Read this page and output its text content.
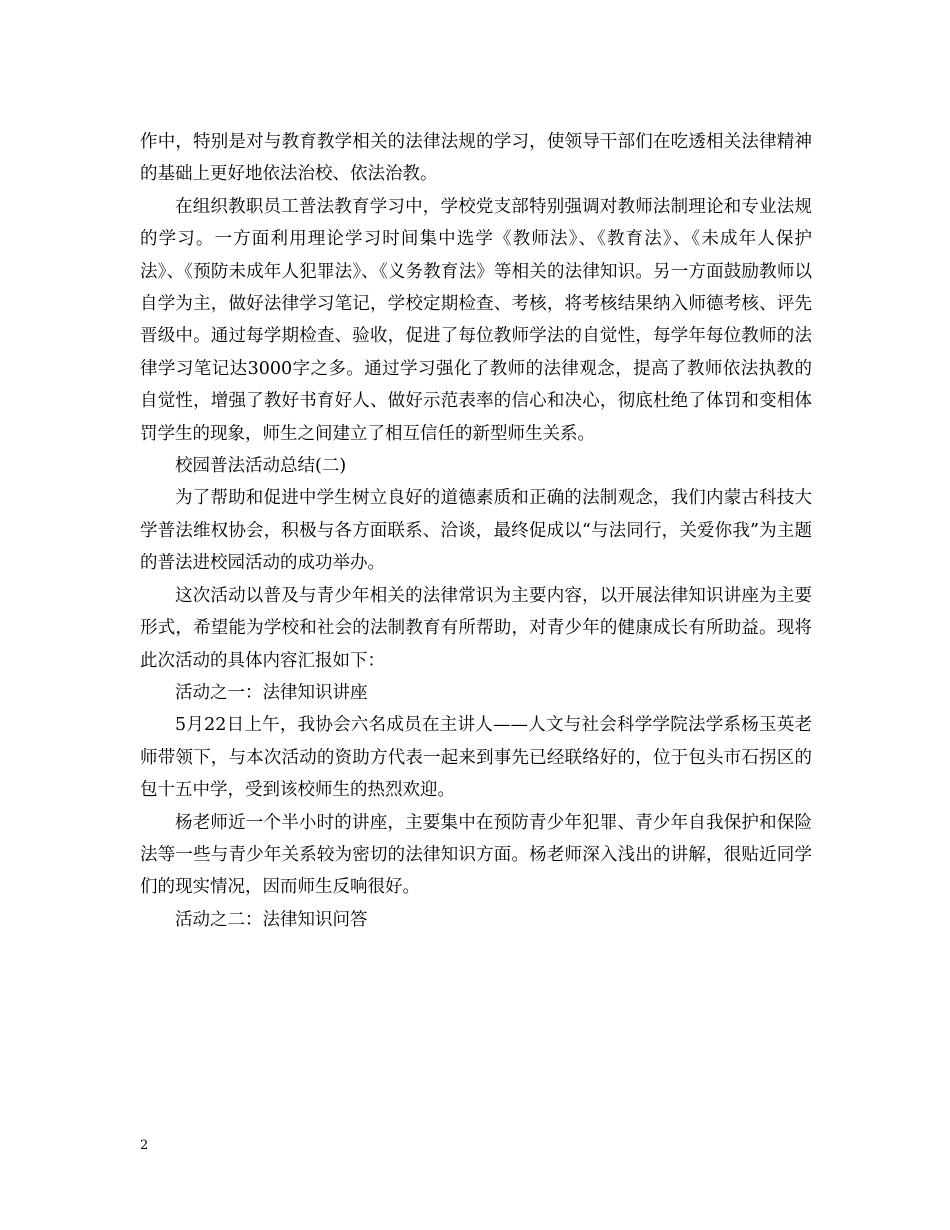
作中，特别是对与教育教学相关的法律法规的学习，使领导干部们在吃透相关法律精神的基础上更好地依法治校、依法治教。

在组织教职员工普法教育学习中，学校党支部特别强调对教师法制理论和专业法规的学习。一方面利用理论学习时间集中选学《教师法》、《教育法》、《未成年人保护法》、《预防未成年人犯罪法》、《义务教育法》等相关的法律知识。另一方面鼓励教师以自学为主，做好法律学习笔记，学校定期检查、考核，将考核结果纳入师德考核、评先晋级中。通过每学期检查、验收，促进了每位教师学法的自觉性，每学年每位教师的法律学习笔记达3000字之多。通过学习强化了教师的法律观念，提高了教师依法执教的自觉性，增强了教好书育好人、做好示范表率的信心和决心，彻底杜绝了体罚和变相体罚学生的现象，师生之间建立了相互信任的新型师生关系。

校园普法活动总结(二)

为了帮助和促进中学生树立良好的道德素质和正确的法制观念，我们内蒙古科技大学普法维权协会，积极与各方面联系、洽谈，最终促成以“与法同行，关爱你我”为主题的普法进校园活动的成功举办。

这次活动以普及与青少年相关的法律常识为主要内容，以开展法律知识讲座为主要形式，希望能为学校和社会的法制教育有所帮助，对青少年的健康成长有所助益。现将此次活动的具体内容汇报如下：

活动之一：法律知识讲座

5月22日上午，我协会六名成员在主讲人——人文与社会科学学院法学系杨玉英老师带领下，与本次活动的资助方代表一起来到事先已经联络好的，位于包头市石拐区的包十五中学，受到该校师生的热烈欢迎。

杨老师近一个半小时的讲座，主要集中在预防青少年犯罪、青少年自我保护和保险法等一些与青少年关系较为密切的法律知识方面。杨老师深入浅出的讲解，很贴近同学们的现实情况，因而师生反响很好。

活动之二：法律知识问答

2
